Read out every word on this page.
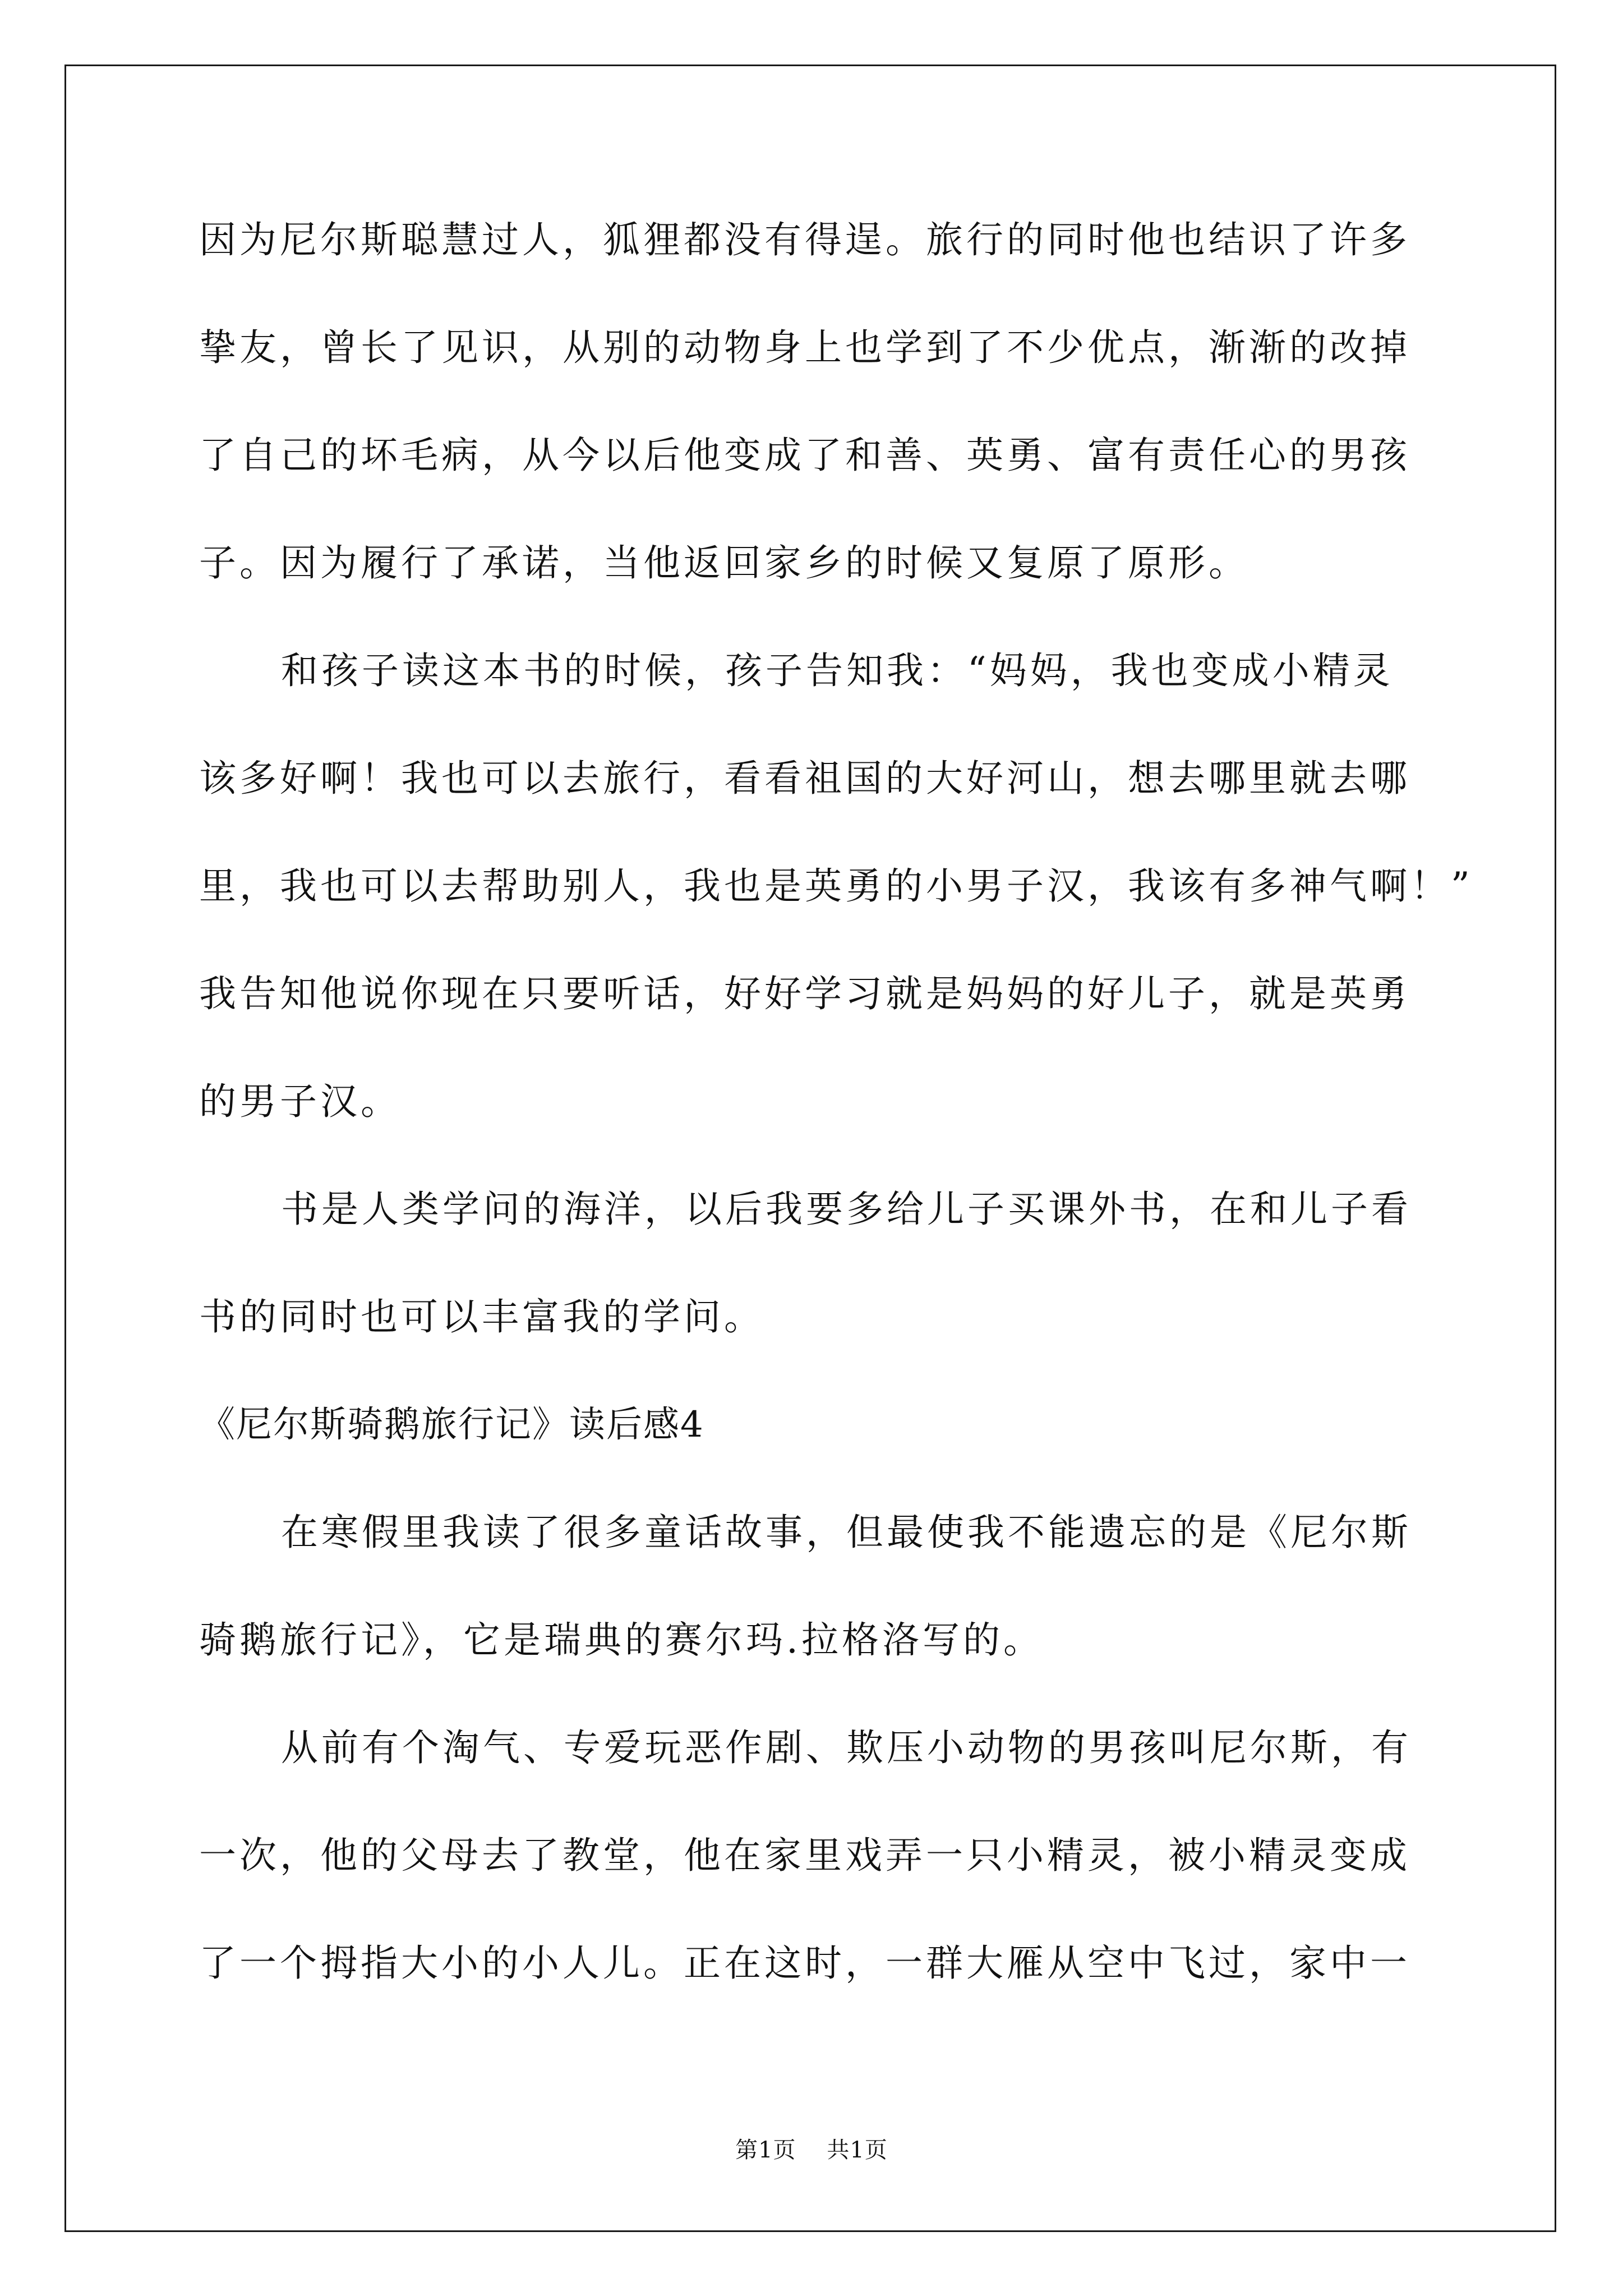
因为尼尔斯聪慧过人，狐狸都没有得逞。旅行的同时他也结识了许多
挚友，曾长了见识，从别的动物身上也学到了不少优点，渐渐的改掉
了自己的坏毛病，从今以后他变成了和善、英勇、富有责任心的男孩
子。因为履行了承诺，当他返回家乡的时候又复原了原形。
和孩子读这本书的时候，孩子告知我：“妈妈，我也变成小精灵
该多好啊！我也可以去旅行，看看祖国的大好河山，想去哪里就去哪
里，我也可以去帮助别人，我也是英勇的小男子汉，我该有多神气啊！”
我告知他说你现在只要听话，好好学习就是妈妈的好儿子，就是英勇
的男子汉。
书是人类学问的海洋，以后我要多给儿子买课外书，在和儿子看
书的同时也可以丰富我的学问。
《尼尔斯骑鹅旅行记》读后感4
在寒假里我读了很多童话故事，但最使我不能遗忘的是《尼尔斯
骑鹅旅行记》，它是瑞典的赛尔玛.拉格洛写的。
从前有个淘气、专爱玩恶作剧、欺压小动物的男孩叫尼尔斯，有
一次，他的父母去了教堂，他在家里戏弄一只小精灵，被小精灵变成
了一个拇指大小的小人儿。正在这时，一群大雁从空中飞过，家中一
第1页 共1页
